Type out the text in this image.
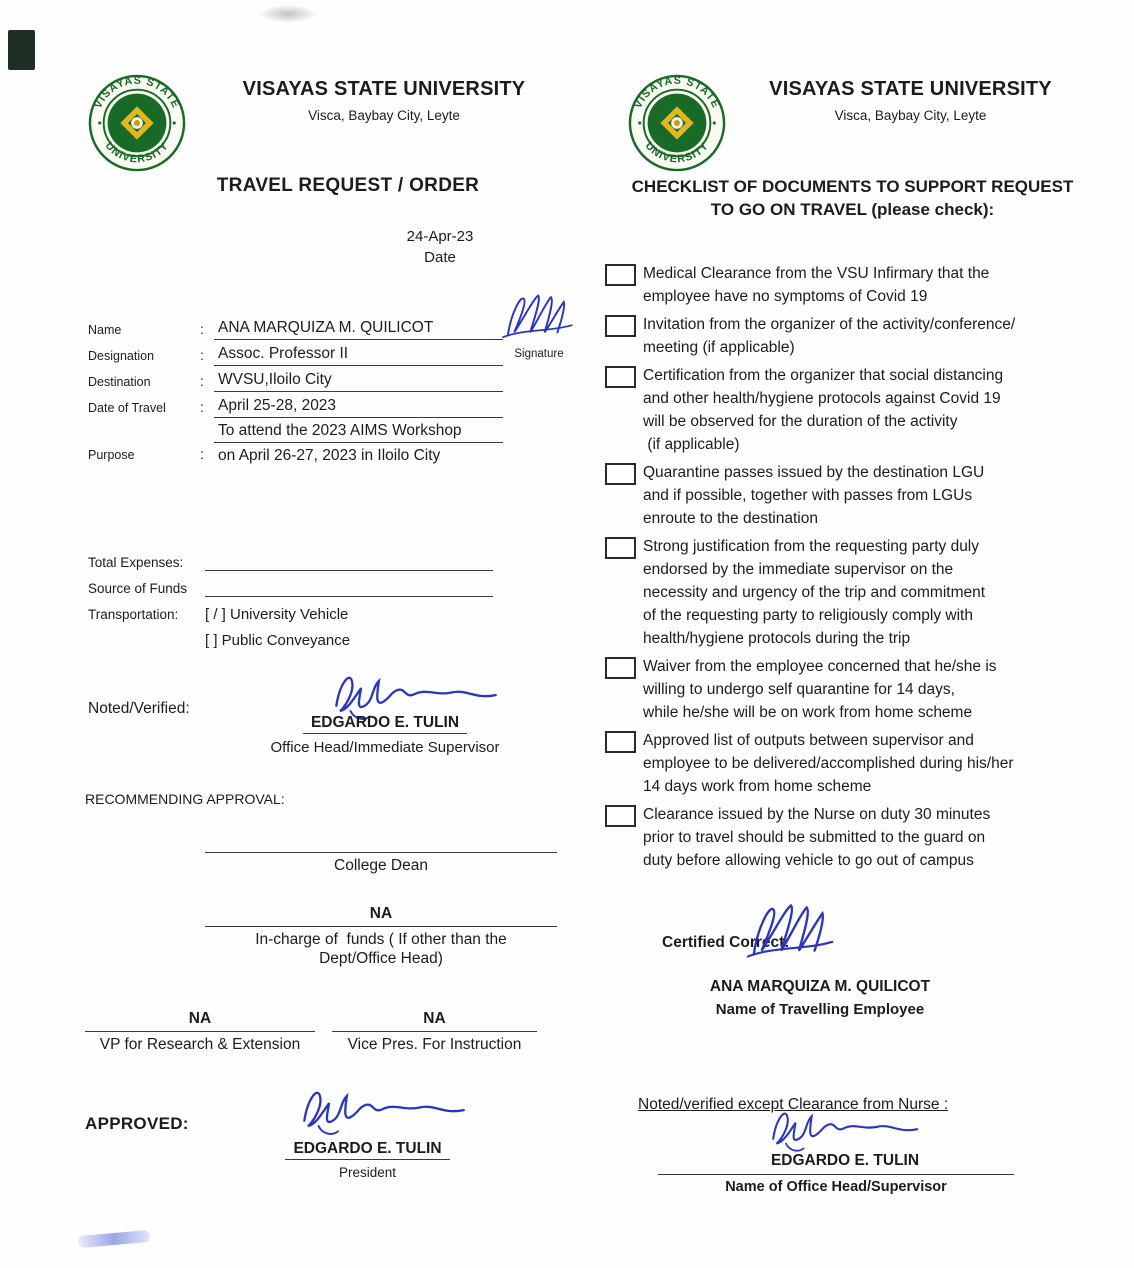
VISAYAS STATE UNIVERSITY
Visca, Baybay City, Leyte
TRAVEL REQUEST / ORDER
24-Apr-23
Date
Name	: ANA MARQUIZA M. QUILICOT
Designation	: Assoc. Professor II
Destination	: WVSU,Iloilo City
Date of Travel	: April 25-28, 2023
Purpose	:
To attend the 2023 AIMS Workshop
on April 26-27, 2023 in Iloilo City
Signature
Total Expenses:
Source of Funds
Transportation:	[ / ] University Vehicle
[ ] Public Conveyance
Noted/Verified:
EDGARDO E. TULIN
Office Head/Immediate Supervisor
RECOMMENDING APPROVAL:
College Dean
NA
In-charge of  funds ( If other than the
Dept/Office Head)
NA
VP for Research & Extension
NA
Vice Pres. For Instruction
APPROVED:
EDGARDO E. TULIN
President
VISAYAS STATE UNIVERSITY
Visca, Baybay City, Leyte
CHECKLIST OF DOCUMENTS TO SUPPORT REQUEST
TO GO ON TRAVEL (please check):
Medical Clearance from the VSU Infirmary that the
employee have no symptoms of Covid 19
Invitation from the organizer of the activity/conference/
meeting (if applicable)
Certification from the organizer that social distancing
and other health/hygiene protocols against Covid 19
will be observed for the duration of the activity
(if applicable)
Quarantine passes issued by the destination LGU
and if possible, together with passes from LGUs
enroute to the destination
Strong justification from the requesting party duly
endorsed by the immediate supervisor on the
necessity and urgency of the trip and commitment
of the requesting party to religiously comply with
health/hygiene protocols during the trip
Waiver from the employee concerned that he/she is
willing to undergo self quarantine for 14 days,
while he/she will be on work from home scheme
Approved list of outputs between supervisor and
employee to be delivered/accomplished during his/her
14 days work from home scheme
Clearance issued by the Nurse on duty 30 minutes
prior to travel should be submitted to the guard on
duty before allowing vehicle to go out of campus
Certified Correct:
ANA MARQUIZA M. QUILICOT
Name of Travelling Employee
Noted/verified except Clearance from Nurse :
EDGARDO E. TULIN
Name of Office Head/Supervisor
